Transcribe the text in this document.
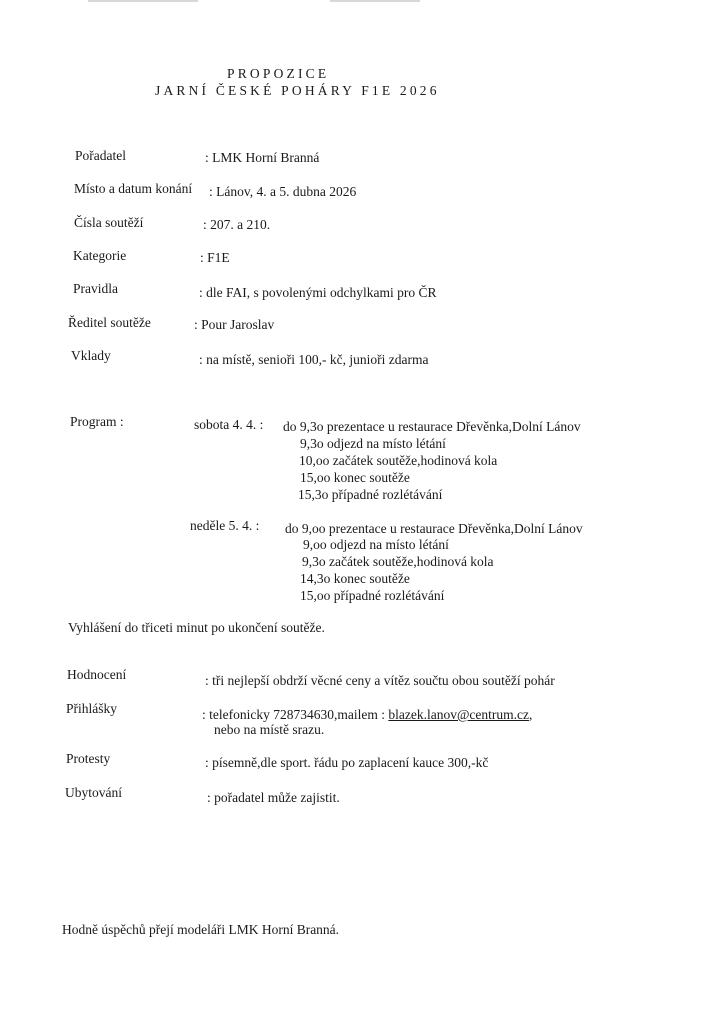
PROPOZICE
JARNÍ ČESKÉ POHÁRY F1E 2026
Pořadatel	: LMK Horní Branná
Místo a datum konání : Lánov, 4. a 5. dubna 2026
Čísla soutěží	: 207. a 210.
Kategorie	: F1E
Pravidla	: dle FAI, s povolenými odchylkami pro ČR
Ředitel soutěže	: Pour Jaroslav
Vklady	: na místě, senioři 100,- kč, junioři zdarma
Program :	sobota 4. 4. : do 9,3o prezentace u restaurace Dřevěnka,Dolní Lánov
9,3o odjezd na místo létání
10,oo začátek soutěže,hodinová kola
15,oo konec soutěže
15,3o případné rozlétávání
neděle 5. 4. : do 9,oo prezentace u restaurace Dřevěnka,Dolní Lánov
9,oo odjezd na místo létání
9,3o začátek soutěže,hodinová kola
14,3o konec soutěže
15,oo případné rozlétávání
Vyhlášení do třiceti minut po ukončení soutěže.
Hodnocení	: tři nejlepší obdrží věcné ceny a vítěz součtu obou soutěží pohár
Přihlášky	: telefonicky 728734630,mailem : blazek.lanov@centrum.cz,
nebo na místě srazu.
Protesty	: písemně,dle sport. řádu po zaplacení kauce 300,-kč
Ubytování	: pořadatel může zajistit.
Hodně úspěchů přejí modeláři LMK Horní Branná.
